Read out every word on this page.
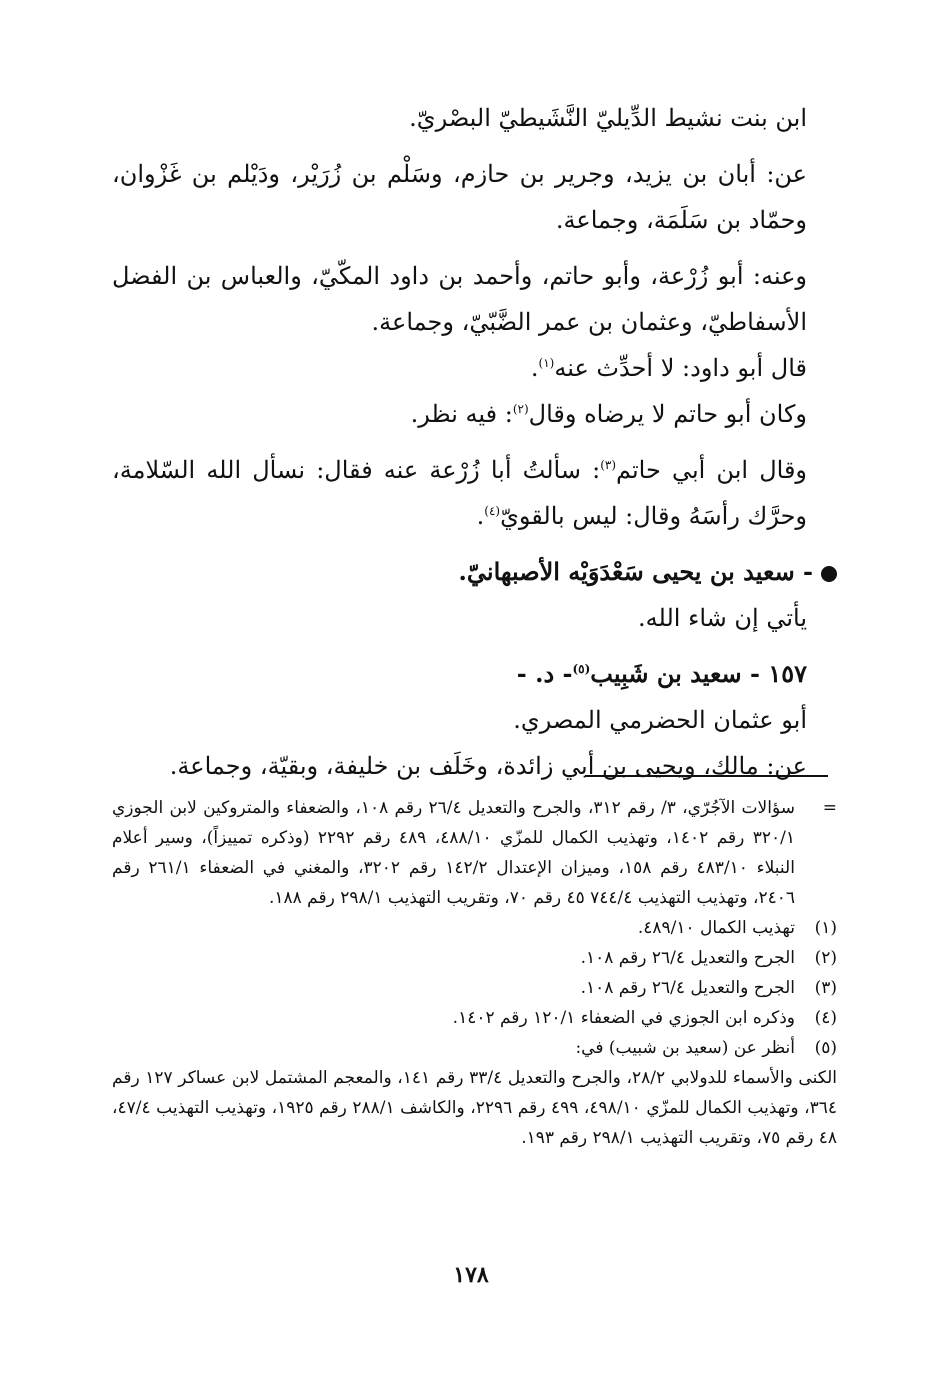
ابن بنت نشيط الدِّيليّ النَّشَيطيّ البصْريّ.

عن: أبان بن يزيد، وجرير بن حازم، وسَلْم بن زُرَيْر، ودَيْلم بن غَزْوان، وحمّاد بن سَلَمَة، وجماعة.

وعنه: أبو زُرْعة، وأبو حاتم، وأحمد بن داود المكّيّ، والعباس بن الفضل الأسفاطيّ، وعثمان بن عمر الضَّبّيّ، وجماعة.

قال أبو داود: لا أحدِّث عنه$^{(١)}$.

وكان أبو حاتم لا يرضاه وقال$^{(٢)}$: فيه نظر.

وقال ابن أبي حاتم$^{(٣)}$: سألتُ أبا زُرْعة عنه فقال: نسأل الله السّلامة، وحرَّك رأسَهُ وقال: ليس بالقويّ$^{(٤)}$.

- سعيد بن يحيى سَعْدَوَيْه الأصبهانيّ.

يأتي إن شاء الله.

١٥٧ - سعيد بن شَبِيب$^{(٥)}$- د. -

أبو عثمان الحضرمي المصري.

عن: مالك، ويحيى بن أبي زائدة، وخَلَف بن خليفة، وبقيّة، وجماعة.

=
سؤالات الآجُرّي، ٣/ رقم ٣١٢، والجرح والتعديل ٢٦/٤ رقم ١٠٨، والضعفاء والمتروكين لابن الجوزي ٣٢٠/١ رقم ١٤٠٢، وتهذيب الكمال للمزّي ٤٨٨/١٠، ٤٨٩ رقم ٢٢٩٢ (وذكره تمييزاً)، وسير أعلام النبلاء ٤٨٣/١٠ رقم ١٥٨، وميزان الإعتدال ١٤٢/٢ رقم ٣٢٠٢، والمغني في الضعفاء ٢٦١/١ رقم ٢٤٠٦، وتهذيب التهذيب ٧٤٤/٤ ٤٥ رقم ٧٠، وتقريب التهذيب ٢٩٨/١ رقم ١٨٨.
(١)
تهذيب الكمال ٤٨٩/١٠.
(٢)
الجرح والتعديل ٢٦/٤ رقم ١٠٨.
(٣)
الجرح والتعديل ٢٦/٤ رقم ١٠٨.
(٤)
وذكره ابن الجوزي في الضعفاء ١٢٠/١ رقم ١٤٠٢.
(٥)
أنظر عن (سعيد بن شبيب) في:

الكنى والأسماء للدولابي ٢٨/٢، والجرح والتعديل ٣٣/٤ رقم ١٤١، والمعجم المشتمل لابن عساكر ١٢٧ رقم ٣٦٤، وتهذيب الكمال للمزّي ٤٩٨/١٠، ٤٩٩ رقم ٢٢٩٦، والكاشف ٢٨٨/١ رقم ١٩٢٥، وتهذيب التهذيب ٤٧/٤، ٤٨ رقم ٧٥، وتقريب التهذيب ٢٩٨/١ رقم ١٩٣.

١٧٨
